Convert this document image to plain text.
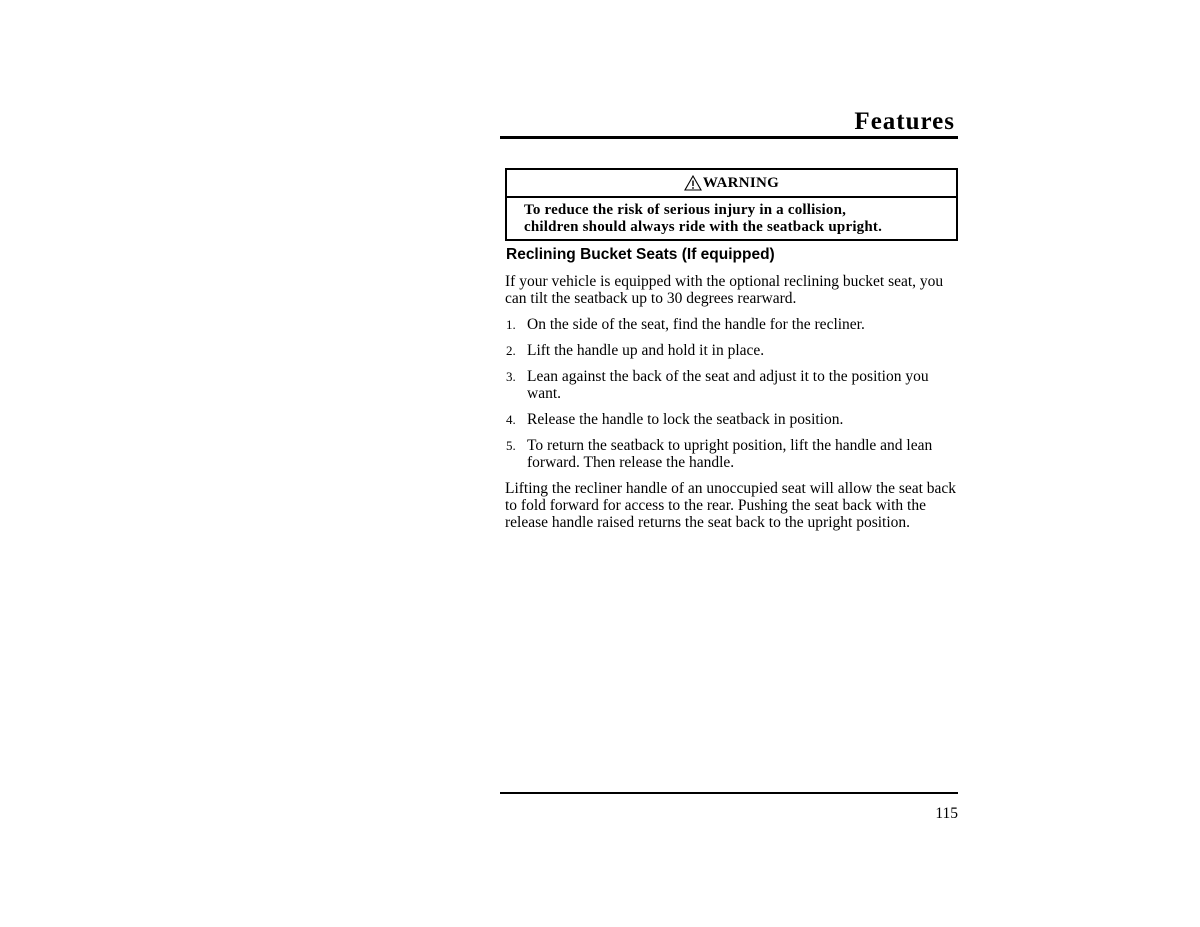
Features
WARNING

To reduce the risk of serious injury in a collision,

children should always ride with the seatback upright.

Reclining Bucket Seats (If equipped)

If your vehicle is equipped with the optional reclining bucket seat, you can tilt the seatback up to 30 degrees rearward.

1. On the side of the seat, find the handle for the recliner.
2. Lift the handle up and hold it in place.
3. Lean against the back of the seat and adjust it to the position you want.
4. Release the handle to lock the seatback in position.
5. To return the seatback to upright position, lift the handle and lean forward. Then release the handle.

Lifting the recliner handle of an unoccupied seat will allow the seat back to fold forward for access to the rear. Pushing the seat back with the release handle raised returns the seat back to the upright position.

115
